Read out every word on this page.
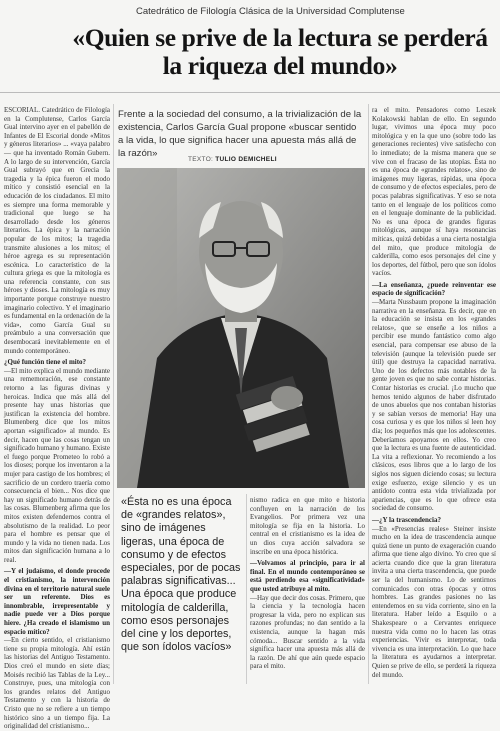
Catedrático de Filología Clásica de la Universidad Complutense
«Quien se prive de la lectura se perderá la riqueza del mundo»

ESCORIAL. Catedrático de Filología en la Complutense, Carlos García Gual intervino ayer en el pabellón de Infantes de El Escorial donde «Mitos y géneros literarios» ... «vaya palabro— que ha inventado Román Gubern. A lo largo de su intervención, García Gual subrayó que en Grecia la tragedia y la épica fueron el modo mítico y consistió esencial en la educación de los ciudadanos. El mito es siempre una forma memorable y tradicional que luego se ha desarrollado desde los géneros literarios. La épica y la narración popular de los mitos; la tragedia transmite alusiones a los mitos; el héroe agrega es su representación escénica. Lo característico de la cultura griega es que la mitología es una referencia constante, con sus héroes y dioses. La mitología es muy importante porque construye nuestro imaginario colectivo. Y el imaginario es fundamental en la ordenación de la vida», como García Gual su preámbulo a una conversación que desembocará inevitablemente en el mundo contemporáneo.

¿Qué función tiene el mito?

—El mito explica el mundo mediante una rememoración, ese constante retorno a las figuras divinas y heroicas. Indica que más allá del presente hay unas historias que justifican la existencia del hombre. Blumenberg dice que los mitos aportan «significado» al mundo. Es decir, hacen que las cosas tengan un significado humano y humano. Existe el fuego porque Prometeo lo robó a los dioses; porque los inventaron a la mujer para castigo de los hombres; el sacrificio de un cordero traería como consecuencia el bien... Nos dice que hay un significado humano detrás de las cosas. Blumenberg afirma que los mitos existen defendernos contra el absolutismo de la realidad. Lo peor para el hombre es pensar que el mundo y la vida no tienen nada. Los mitos dan significación humana a lo real.

—Y el judaísmo, el donde procede el cristianismo, la intervención divina en el territorio natural suele ser un referente. Dios es innombrable, irrepresentable y nadie puede ver a Dios porque hiere. ¿Ha creado el islamismo un espacio mítico?

—En cierto sentido, el cristianismo tiene su propia mitología. Ahí están las historias del Antiguo Testamento. Dios creó el mundo en siete días; Moisés recibió las Tablas de la Ley... Construye, pues, una mitología con los grandes relatos del Antiguo Testamento y con la historia de Cristo que no se refiere a un tiempo histórico sino a un tiempo fija. La originalidad del cristianismo...

Frente a la sociedad del consumo, a la trivialización de la existencia, Carlos García Gual propone «buscar sentido a la vida, lo que significa hacer una apuesta más allá de la razón»
TEXTO: TULIO DEMICHELI
«Ésta no es una época de «grandes relatos», sino de imágenes ligeras, una época de consumo y de efectos especiales, por de pocas palabras significativas... Una época que produce mitología de calderilla, como esos personajes del cine y los deportes, que son ídolos vacíos»

nismo radica en que mito e historia confluyen en la narración de los Evangelios. Por primera vez una mitología se fija en la historia. Lo central en el cristianismo es la idea de un dios cuya acción salvadora se inscribe en una época histórica.

—Volvamos al principio, para ir al final. En el mundo contemporáneo se está perdiendo esa «significatividad» que usted atribuye al mito.

—Hay que decir dos cosas. Primero, que la ciencia y la tecnología hacen progresar la vida, pero no explican sus razones profundas; no dan sentido a la existencia, aunque la hagan más cómoda... Buscar sentido a la vida significa hacer una apuesta más allá de la razón. De ahí que aún quede espacio para el mito.

ra el mito. Pensadores como Leszek Kolakowski hablan de ello. En segundo lugar, vivimos una época muy poco mitológica y en la que uno (sobre todo las generaciones recientes) vive satisfecho con lo inmediato; de la misma manera que se vive con el fracaso de las utopías. Ésta no es una época de «grandes relatos», sino de imágenes muy ligeras, rápidas, una época de consumo y de efectos especiales, pero de pocas palabras significativas. Y eso se nota tanto en el lenguaje de los políticos como en el lenguaje dominante de la publicidad. No es una época de grandes figuras mitológicas, aunque sí haya resonancias míticas, quizá debidas a una cierta nostalgia del mito, que produce mitología de calderilla, como esos personajes del cine y los deportes, del fútbol, pero que son ídolos vacíos.

—La enseñanza, ¿puede reinventar ese espacio de significación?

—Marta Nussbaum propone la imaginación narrativa en la enseñanza. Es decir, que en la educación se insista en los «grandes relatos», que se enseñe a los niños a percibir ese mundo fantástico como algo esencial, para compensar ese abuso de la televisión (aunque la televisión puede ser útil) que destruya la capacidad narrativa. Uno de los defectos más notables de la gente joven es que no sabe contar historias. Contar historias es crucial. ¡Lo mucho que hemos tenido algunos de haber disfrutado de unos abuelos que nos contaban historias y se sabían versos de memoria! Hay una cosa curiosa y es que los niños sí leen hoy día; los pequeños más que los adolescentes. Deberíamos apoyarnos en ellos. Yo creo que la lectura es una fuente de autenticidad. La vita a reflexionar. Yo recomiendo a los clásicos, esos libros que a lo largo de los siglos nos siguen diciendo cosas; su lectura exige esfuerzo, exige silencio y es un antídoto contra esta vida trivializada por apariencias, que es lo que ofrece esta sociedad de consumo.

—¿Y la trascendencia?

—En «Presencias reales» Steiner insiste mucho en la idea de trascendencia aunque quizá tiene un punto de exageración cuando afirma que tiene algo divino. Yo creo que sí acierta cuando dice que la gran literatura invita a una cierta trascendencia, que puede ser la del humanismo. Lo de sentirnos comunicados con otras épocas y otros hombres. Las grandes pasiones no las entendemos en su vida corriente, sino en la literatura. Haber leído a Esquilo o a Shakespeare o a Cervantes enriquece nuestra vida como no lo hacen las otras experiencias. Vivir es interpretar, toda vivencia es una interpretación. Lo que hace la literatura es ayudarnos a interpretar. Quien se prive de ello, se perderá la riqueza del mundo.
